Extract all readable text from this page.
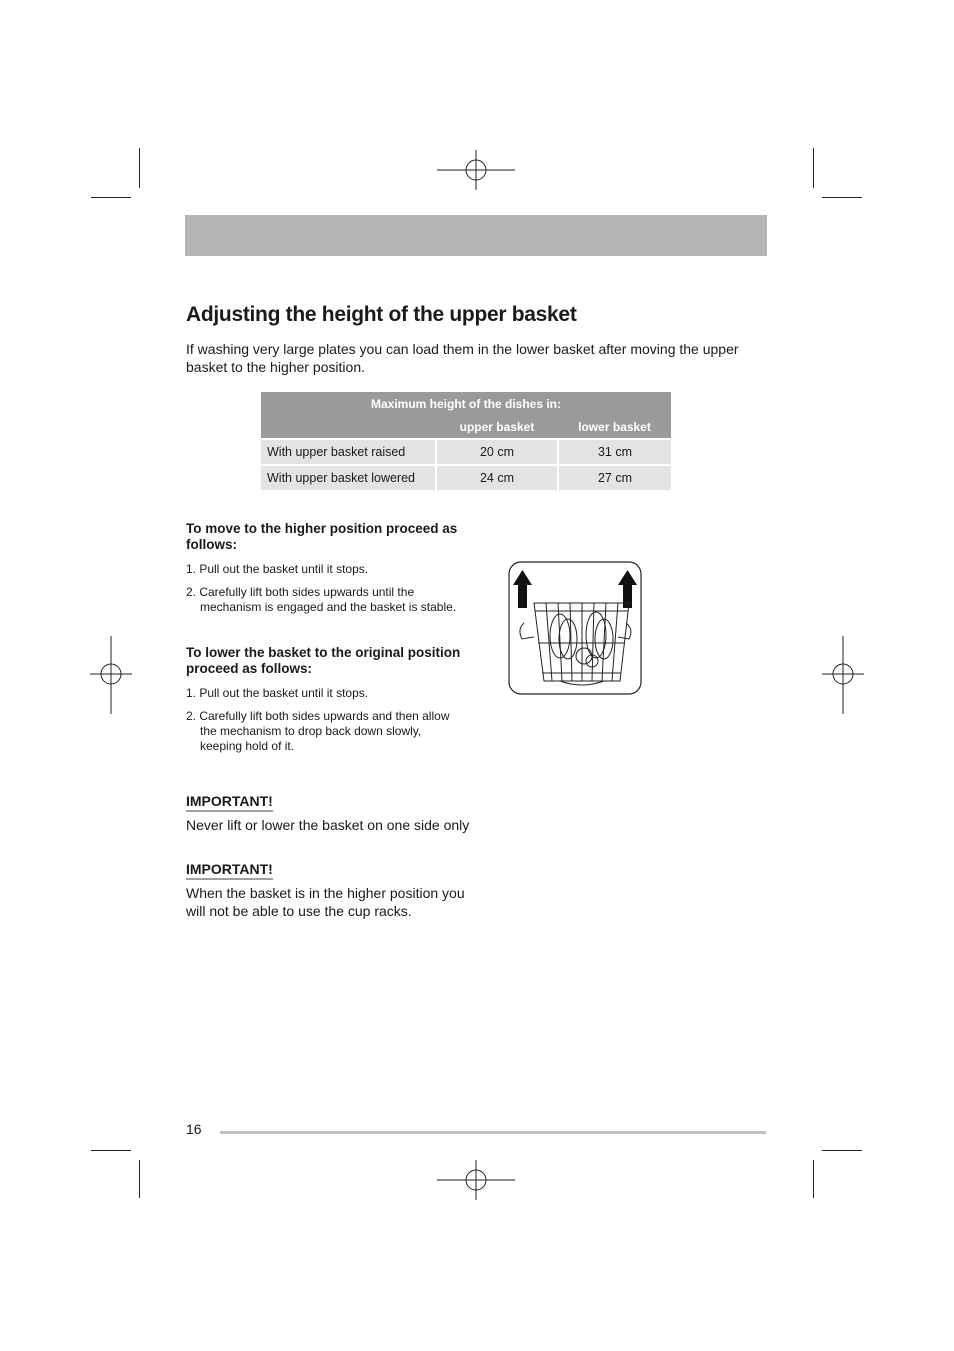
Adjusting the height of the upper basket

If washing very large plates you can load them in the lower basket after moving the upper basket to the higher position.

Maximum height of the dishes in:		
	upper basket	lower basket
With upper basket raised	20 cm	31 cm
With upper basket lowered	24 cm	27 cm

To move to the higher position proceed as follows:

1. Pull out the basket until it stops.

2. Carefully lift both sides upwards until the mechanism is engaged and the basket is stable.

To lower the basket to the original position proceed as follows:

1. Pull out the basket until it stops.

2. Carefully lift both sides upwards and then allow the mechanism to drop back down slowly, keeping hold of it.

IMPORTANT!

Never lift or lower the basket on one side only

IMPORTANT!

When the basket is in the higher position you will not be able to use the cup racks.

16
